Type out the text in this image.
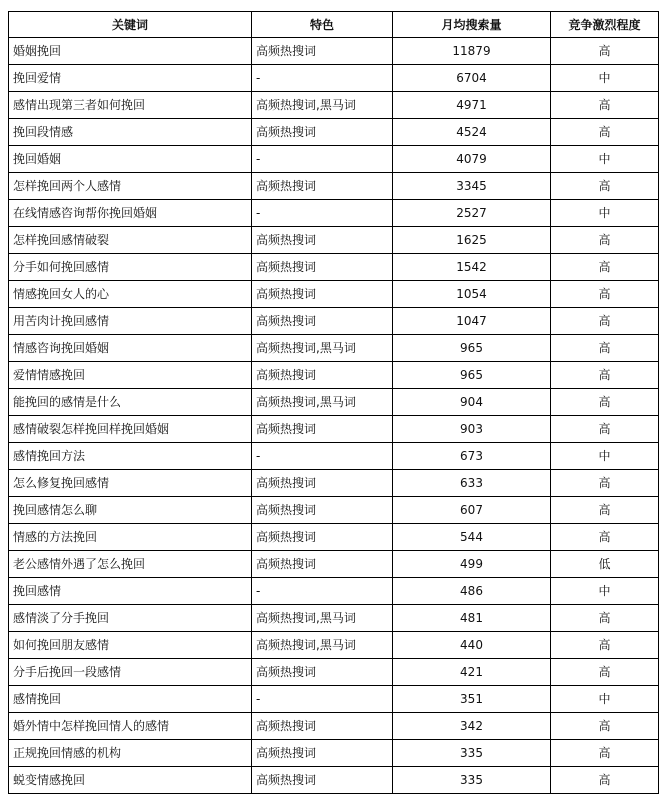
关键词	特色	月均搜索量	竞争激烈程度
婚姻挽回	高频热搜词	11879	高
挽回爱情	-	6704	中
感情出现第三者如何挽回	高频热搜词,黑马词	4971	高
挽回段情感	高频热搜词	4524	高
挽回婚姻	-	4079	中
怎样挽回两个人感情	高频热搜词	3345	高
在线情感咨询帮你挽回婚姻	-	2527	中
怎样挽回感情破裂	高频热搜词	1625	高
分手如何挽回感情	高频热搜词	1542	高
情感挽回女人的心	高频热搜词	1054	高
用苦肉计挽回感情	高频热搜词	1047	高
情感咨询挽回婚姻	高频热搜词,黑马词	965	高
爱情情感挽回	高频热搜词	965	高
能挽回的感情是什么	高频热搜词,黑马词	904	高
感情破裂怎样挽回样挽回婚姻	高频热搜词	903	高
感情挽回方法	-	673	中
怎么修复挽回感情	高频热搜词	633	高
挽回感情怎么聊	高频热搜词	607	高
情感的方法挽回	高频热搜词	544	高
老公感情外遇了怎么挽回	高频热搜词	499	低
挽回感情	-	486	中
感情淡了分手挽回	高频热搜词,黑马词	481	高
如何挽回朋友感情	高频热搜词,黑马词	440	高
分手后挽回一段感情	高频热搜词	421	高
感情挽回	-	351	中
婚外情中怎样挽回情人的感情	高频热搜词	342	高
正规挽回情感的机构	高频热搜词	335	高
蜕变情感挽回	高频热搜词	335	高
